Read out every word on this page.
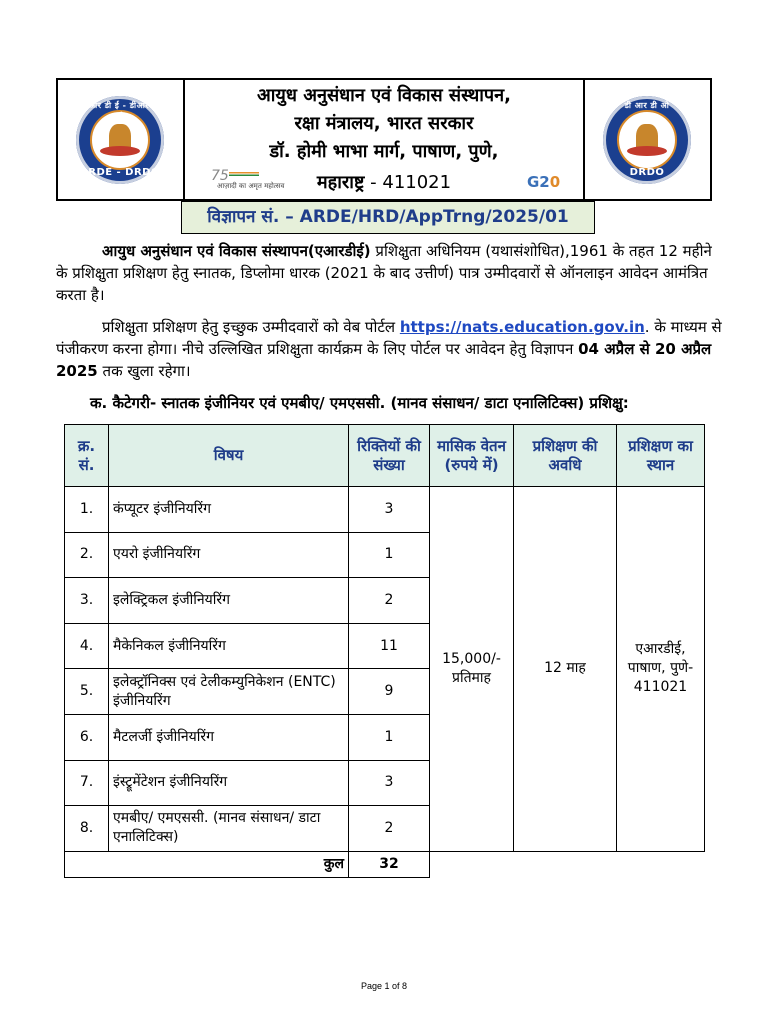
ए आर डी ई - डीआर डी ओ
ARDE - DRDO
आयुध अनुसंधान एवं विकास संस्थापन,
रक्षा मंत्रालय, भारत सरकार
डॉ. होमी भाभा मार्ग, पाषाण, पुणे,
महाराष्ट्र - 411021
75
आज़ादी का अमृत महोत्सव	G20
डी आर डी ओ
DRDO
विज्ञापन सं. – ARDE/HRD/AppTrng/2025/01
आयुध अनुसंधान एवं विकास संस्थापन(एआरडीई) प्रशिक्षुता अधिनियम (यथासंशोधित),1961 के तहत 12 महीने के प्रशिक्षुता प्रशिक्षण हेतु स्नातक, डिप्लोमा धारक (2021 के बाद उत्तीर्ण) पात्र उम्मीदवारों से ऑनलाइन आवेदन आमंत्रित करता है।
प्रशिक्षुता प्रशिक्षण हेतु इच्छुक उम्मीदवारों को वेब पोर्टल https://nats.education.gov.in. के माध्यम से पंजीकरण करना होगा। नीचे उल्लिखित प्रशिक्षुता कार्यक्रम के लिए पोर्टल पर आवेदन हेतु विज्ञापन 04 अप्रैल से 20 अप्रैल 2025 तक खुला रहेगा।
क. कैटेगरी- स्नातक इंजीनियर एवं एमबीए/ एमएससी. (मानव संसाधन/ डाटा एनालिटिक्स) प्रशिक्षु:
क्र. सं.	विषय	रिक्तियों की संख्या	मासिक वेतन (रुपये में)	प्रशिक्षण की अवधि	प्रशिक्षण का स्थान
1.	कंप्यूटर इंजीनियरिंग	3	15,000/- प्रतिमाह	12 माह	एआरडीई, पाषाण, पुणे- 411021
2.	एयरो इंजीनियरिंग	1			
3.	इलेक्ट्रिकल इंजीनियरिंग	2			
4.	मैकेनिकल इंजीनियरिंग	11			
5.	इलेक्ट्रॉनिक्स एवं टेलीकम्युनिकेशन (ENTC) इंजीनियरिंग	9			
6.	मैटलर्जी इंजीनियरिंग	1			
7.	इंस्ट्रूमेंटेशन इंजीनियरिंग	3			
8.	एमबीए/ एमएससी. (मानव संसाधन/ डाटा एनालिटिक्स)	2			
कुल		32			
Page 1 of 8
